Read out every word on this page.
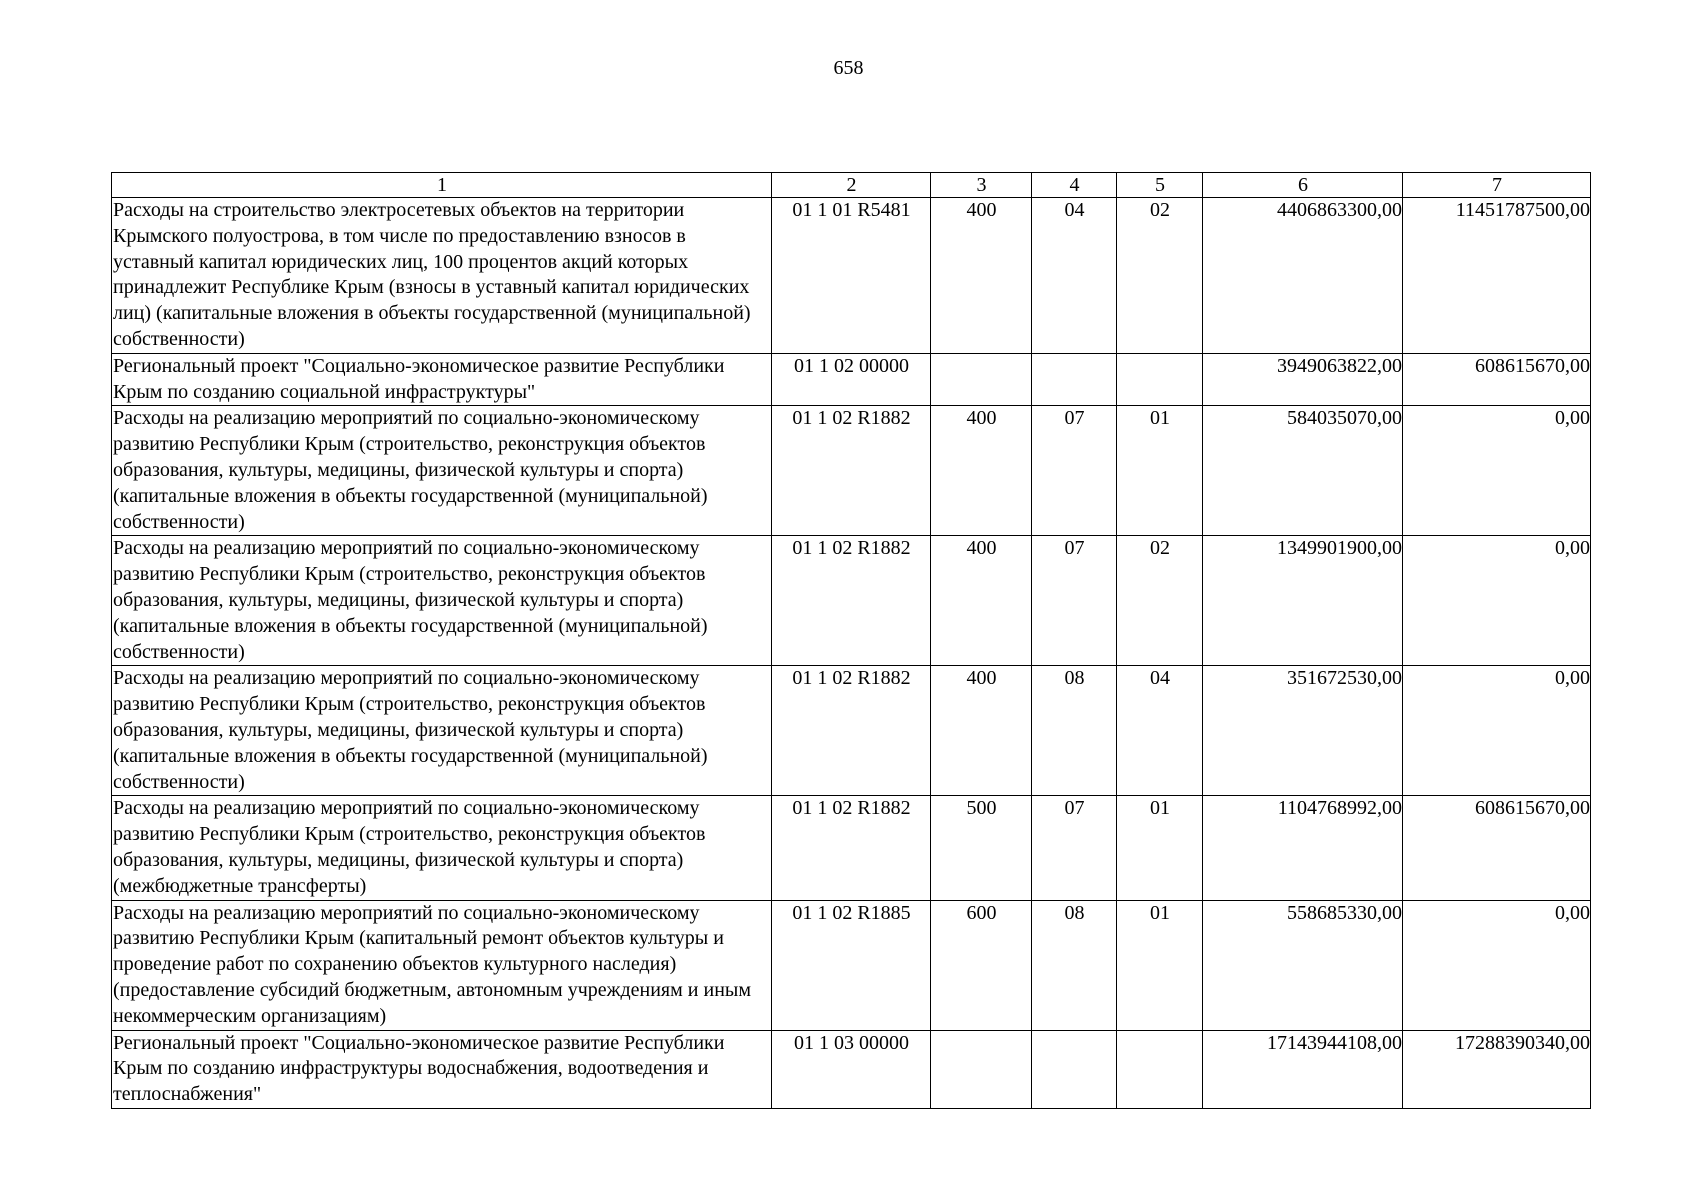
658
1	2	3	4	5	6	7
Расходы на строительство электросетевых объектов на территории Крымского полуострова, в том числе по предоставлению взносов в уставный капитал юридических лиц, 100 процентов акций которых принадлежит Республике Крым (взносы в уставный капитал юридических лиц) (капитальные вложения в объекты государственной (муниципальной) собственности)	01 1 01 R5481	400	04	02	4406863300,00	11451787500,00
Региональный проект "Социально-экономическое развитие Республики Крым по созданию социальной инфраструктуры"	01 1 02 00000				3949063822,00	608615670,00
Расходы на реализацию мероприятий по социально-экономическому развитию Республики Крым (строительство, реконструкция объектов образования, культуры, медицины, физической культуры и спорта) (капитальные вложения в объекты государственной (муниципальной) собственности)	01 1 02 R1882	400	07	01	584035070,00	0,00
Расходы на реализацию мероприятий по социально-экономическому развитию Республики Крым (строительство, реконструкция объектов образования, культуры, медицины, физической культуры и спорта) (капитальные вложения в объекты государственной (муниципальной) собственности)	01 1 02 R1882	400	07	02	1349901900,00	0,00
Расходы на реализацию мероприятий по социально-экономическому развитию Республики Крым (строительство, реконструкция объектов образования, культуры, медицины, физической культуры и спорта) (капитальные вложения в объекты государственной (муниципальной) собственности)	01 1 02 R1882	400	08	04	351672530,00	0,00
Расходы на реализацию мероприятий по социально-экономическому развитию Республики Крым (строительство, реконструкция объектов образования, культуры, медицины, физической культуры и спорта) (межбюджетные трансферты)	01 1 02 R1882	500	07	01	1104768992,00	608615670,00
Расходы на реализацию мероприятий по социально-экономическому развитию Республики Крым (капитальный ремонт объектов культуры и проведение работ по сохранению объектов культурного наследия) (предоставление субсидий бюджетным, автономным учреждениям и иным некоммерческим организациям)	01 1 02 R1885	600	08	01	558685330,00	0,00
Региональный проект "Социально-экономическое развитие Республики Крым по созданию инфраструктуры водоснабжения, водоотведения и теплоснабжения"	01 1 03 00000				17143944108,00	17288390340,00
